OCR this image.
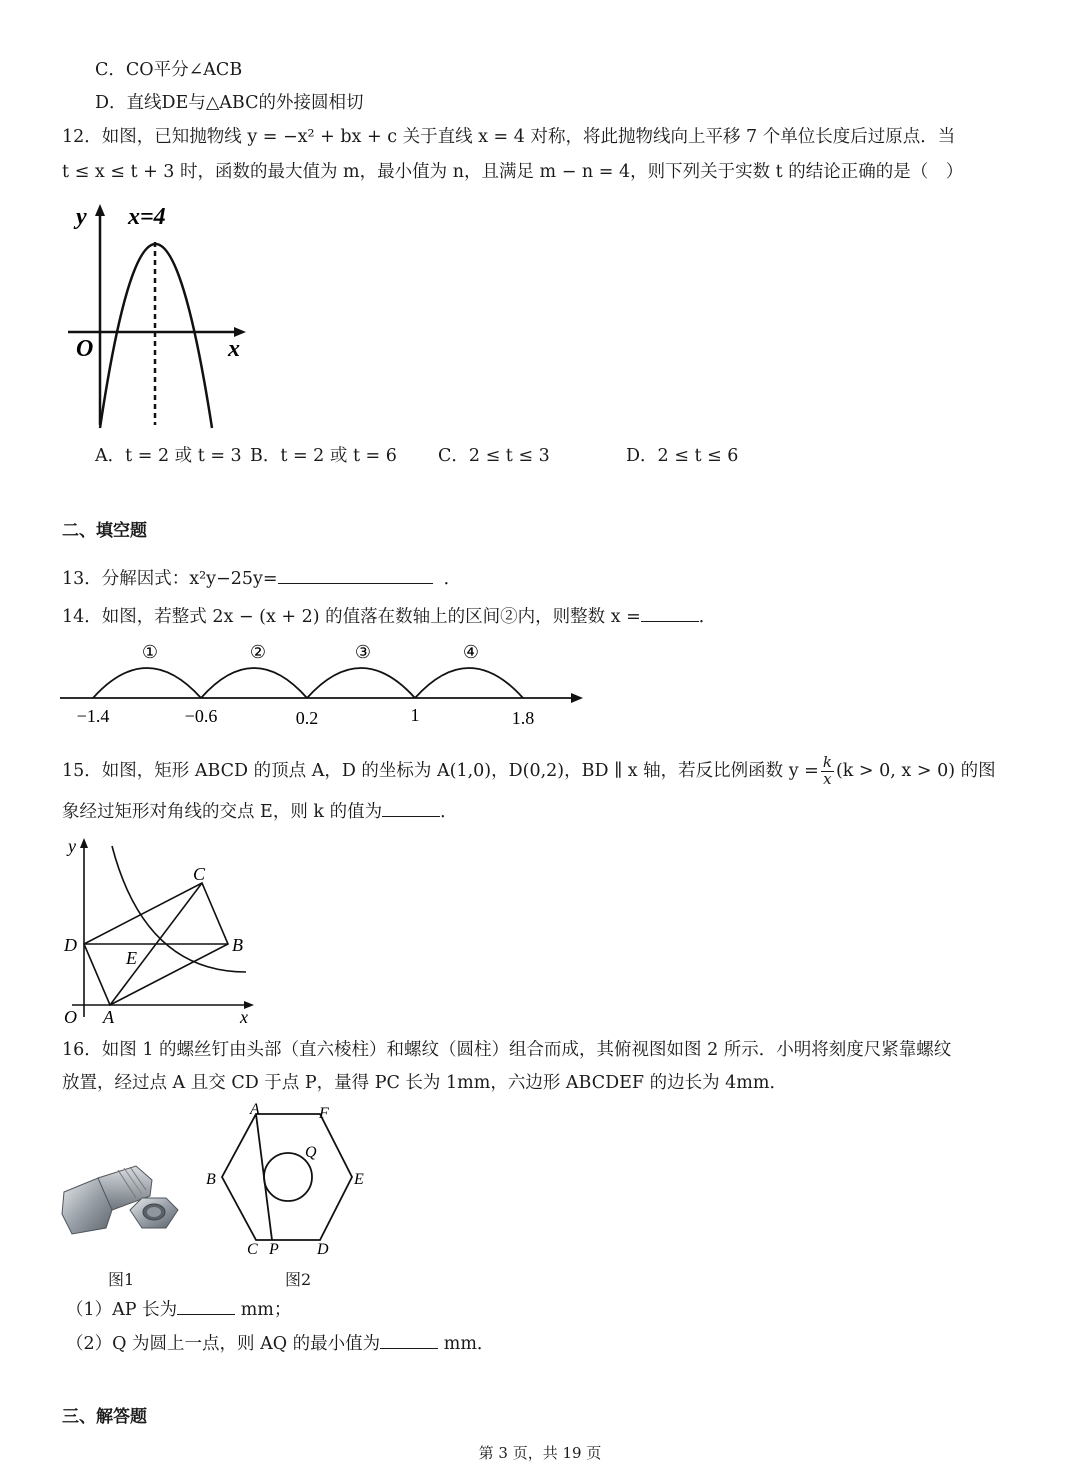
C．CO平分∠ACB
D．直线DE与△ABC的外接圆相切
12．如图，已知抛物线 y = −x² + bx + c 关于直线 x = 4 对称，将此抛物线向上平移 7 个单位长度后过原点．当
t ≤ x ≤ t + 3 时，函数的最大值为 m，最小值为 n，且满足 m − n = 4，则下列关于实数 t 的结论正确的是（　）
y x=4
O	x
A．t = 2 或 t = 3 B．t = 2 或 t = 6 C．2 ≤ t ≤ 3	D．2 ≤ t ≤ 6
二、填空题
13．分解因式：x²y−25y=	．
14．如图，若整式 2x − (x + 2) 的值落在数轴上的区间②内，则整数 x =	．
①	②	③	④
−1.4	−0.6	0.2	1	1.8
15．如图，矩形 ABCD 的顶点 A，D 的坐标为 A(1,0)，D(0,2)，BD ∥ x 轴，若反比例函数 $y = \frac{k}{x} (k > 0$, x > 0) 的图
象经过矩形对角线的交点 E，则 k 的值为	．
y
x
O A
B
C
D
E
16．如图 1 的螺丝钉由头部（直六棱柱）和螺纹（圆柱）组合而成，其俯视图如图 2 所示．小明将刻度尺紧靠螺纹
放置，经过点 A 且交 CD 于点 P，量得 PC 长为 1mm，六边形 ABCDEF 的边长为 4mm．
图1
A	F
B	E
C P D
Q
图2
（1）AP 长为	mm；
（2）Q 为圆上一点，则 AQ 的最小值为	mm．
三、解答题
第 3 页，共 19 页
